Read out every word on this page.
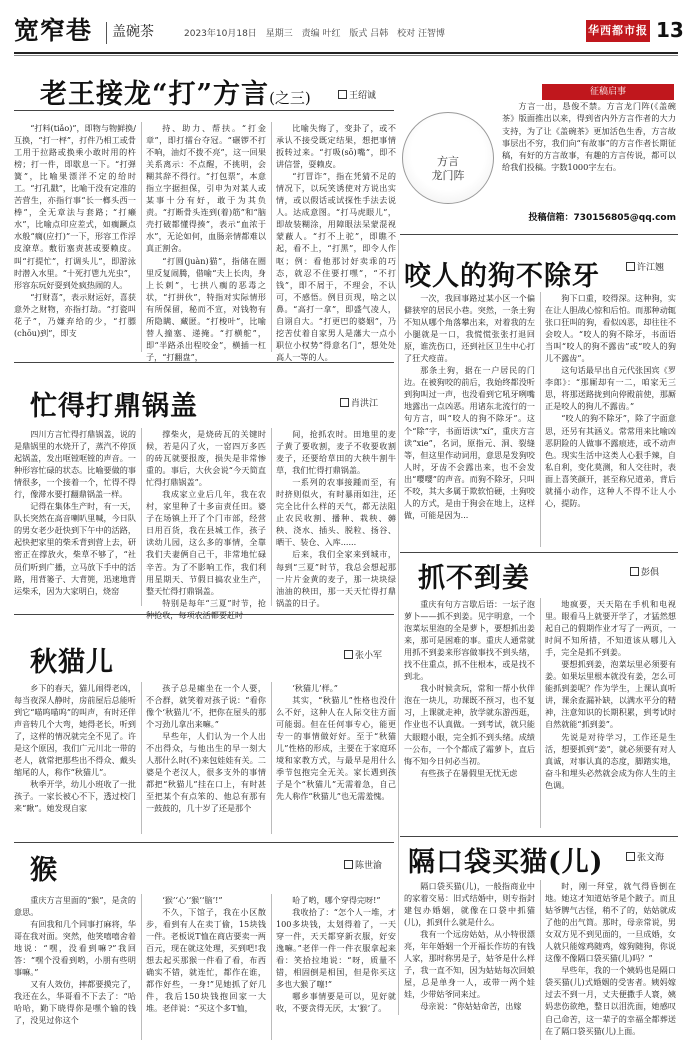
宽窄巷 盖碗茶	2023年10月18日 星期三 责编 叶红 版式 吕韩 校对 汪智博	华西都市报 13
老王接龙“打”方言(之三)	王绍诚

“打料(tiǎo)”，即物与物鲜换/互换，“打一枰”，打件乃相工或骨工用于拉路或换乘小敢时用的杵榜；打一件，即歇息一下。“打弹簧”，比喻果漂洋不定的给时工。“打孔戳”，比喻干没有定准的苦营生，亦指行事“长一榔头西一棒”，全无章法与套路；“打癞水”，比喻点印应差式，如瘸蹶点水般“瘸(应打)”一下，形容工作浮皮潦草。敷衍塞责甚或要赖皮。叫“打提忙”，打调头儿”，即游泳时潜入水里。“十死打鬯九光虫”，形容东玩好耍到处疯热闹的人。

“打财喜”，表示财运好，喜获意外之财物，亦指打劫。“打瓷叫花子”，乃嫌弃给的少，“打膘(chōu)到”，即支

持、助力、帮扶。“打金章”，即打擂台夺冠。“碾锣不打不响，油灯不拨不亮”，这一回果关系离示：不点醒，不挑明，会糊其辞不得行。“打包票”，本意指立字据担保，引申为对某人或某事十分有好，敢于为其负责。“打断骨头连到(着)筋”和“脑壳打破都懂得揍”，表示“血浓于水”，无论如何，血肠亲情都难以真正割舍。

“打圆(juàn)猫”，指储在圈里反复闹腾，借喻“夫上长肉，身上长刺”，七拱八瘸的恶毒之状，“打拼伙”，特指对实际情形有所保留，秘而不宣，对钱物有所隐瞒、藏匿。“打梭叶”，比喻替人撞塞、递掩。“打横舵”，即“半路杀出程咬金”，横插一杠子，“打翻盘”，

比喻失悔了，变卦了，或不承认不接受既定结果，想把事情扳转过来。“打吸(sō)嘴”，即不讲信誉，耍赖皮。

“打冒诈”，指在凭猜不足的情况下，以玩笑诱使对方说出实情，或以假话或试探性手法去说人。达成意图。“打马虎眼儿”，即故装糊涂，用障眼法呆蒙混视蒙蔽人。“打不上驼”，即瞧不起，看不上，“打黑”，即令人作呕；例：看他那讨好卖乖的巧态，就忍不住要打嘿”，“不打钱”，即不屑于，不理会，不认可，不感悟。例目页现，啥之以鼻。“高打一拿”，即盛气凌人，自诩自大。“打更巴的婆姻”，乃挖苦仗着自家男人是藩大一点小职位小权势“得意名门”，想处处高人一等的人。

征稿启事
方言
龙门阵

方言一出，恳俊不禁。方言龙门阵(《盖碗茶》版面推出以来，得到省内外方言作者的大力支持，为了让《盖碗茶》更加活色生香，方言故事层出不穷，我们向“有故事”的方言作者长期征稿，有好的方言故事，有趣的方言传说，都可以给我们投稿。字数1000字左右。

投稿信箱：730156805@qq.com
咬人的狗不除牙	许江翘

一次，我回事路过某小区一个偏僻狭窄的居民小巷。突然，一条土狗不知从哪个角落攀出来，对着我的左小腿就是一口，我慌慌张张打退回原，谁洗伤口，还到社区卫生中心打了狂犬疫苗。

那条土狗，据在一户居民的门边。在被狗咬的前后，我始终都没听到狗叫过一声，也没看到它吼牙咧嘴地露出一点凶恶。用诸东北流行的一句方言，叫“咬人的狗不除牙”。这个“除”字，书面语读“xí”，重庆方言读“xie”，名词，原指元、洞、裂缝等，但这里作动词用，意思是发狗咬人时，牙齿不会露出来，也不会发出“嘤嘤”的声音。而狗不除牙，只叫不咬，其大多属于欺软怕硬，土狗咬人的方式，是由于狗会在地上，这样做，可能是因为...

狗下口重，咬得深。这种狗，实在让人胆战心惊和后怕。而那种动辄张口狂叫的狗，看似凶恶，却往往不会咬人。“咬人的狗不除牙，书面语当叫“咬人的狗不露齿”或“咬人的狗儿不露齿”。

这句话最早出自元代张国宾《罗李郎》：“那厮却有一二，咱家无三思，将那送路拢到向停殿前使，那厮正是咬人的狗儿不露齿。”

“咬人的狗不除牙”，除了字面意思，还另有其涵义。常常用来比喻凶恶阴险的人做事不露痕迹，或不动声色。现实生活中这类人心狠手辣，自私自利，变化莫测，和人交往时，表面上喜笑颜开，甚至称兄道弟，背后就捅小动作，这种人不得不让人小心，提防。

忙得打鼎锅盖	肖洪江

四川方言忙得打鼎锅盖，说的是鼎锅里的水烧开了，蒸汽不停顶起锅盖，发出哐镗哐镗的声音。一种形容忙碌的状态。比喻要做的事情很多，一个接着一个，忙得不得行，像滞水要打翻鼎锅盖一样。

记得在集体生产时，有一天，队长突然在高音喇叭里喊，今日队的男女老少赶快到下午中的活路，起快把家里的柴禾背到营上去，研密正在撑放火，柴草不够了，“社员们听到广播，立马放下手中的活路，用背篓子、大背篼，迅速地背运柴禾，因为大家明白，烧窑

撑柴火，是烧砖瓦的关键时候，若是闪了火，一窑四万多匹的砖瓦就要报废，损失是非常惨重的。事后，大伙会说“今天简直忙得打鼎锅盖”。

我成家立业后几年，我在农村，家里种了十多亩责任田。婆子在场镇上开了个门市部，经营日用百货，我在县城工作，孩子读幼儿园，这么多的事情，全靠我们夫妻俩自己干，非常地忙碌辛苦。为了不影响工作，我们利用星期天、节假日搞农业生产，整天忙得打鼎锅盖。

特别是每年“三夏”时节，抢

间，抢抓农时。田地里的麦子黄了要收割，麦子不收要收割麦子，还要给草田的大秧牛割牛草，我们忙得打鼎锅盖。

一系列的农事接踵而至，有时挤则似火，有时暴雨如注，还完全比什么样的天气，都无法阻止农民收割、播种、栽秧、薅秧、浇水、插头、脱粒、扬谷、晒干、装仓、入库......

后来，我们全家来到城市，每到“三夏”时节，我总会想起那一片片金黄的麦子，那一块块绿油油的秧田，那一天天忙得打鼎锅盖的日子。

抓不到姜	彭俱

重庆有句方言歇后语：一坛子泡萝卜——抓不到姜。见字明意，一个泡菜坛里泡的全是萝卜，要想抓出姜来，那可是困难的事。重庆人通常就用抓不到姜来形容做事找不到头绪，找不住重点，抓不住根本，或是找不到北。

我小时候贪玩，常和一帮小伙伴泡在一块儿，功课既不预习，也不复习，上课就走神，放学就东游西逛，作业也不认真做。一到考试，就只能大眼瞪小眼，完全抓不到头绪。成绩一公布，一个个都成了霜萝卜，直后悔不知今日何必当初。

有些孩子在暑假里无忧无虑

地疯要，天天陷在手机和电视里。眼看马上就要开学了，才猛然想起自己的假期作业才写了一两页，一时间不知所措，不知道该从哪儿入手，完全是抓不到姜。

要想抓到姜，泡菜坛里必须要有姜。如果坛里根本就没有姜，怎么可能抓到姜呢？作为学生，上课认真听讲，课余查漏补缺，以满水平分的精神，注意知识的长期积累，到考试时自然就能“抓到姜”。

先说是对待学习，工作还是生活，想要抓到“姜”，就必须要有对人真诚，对事认真的态度，脚踏实地，奋斗和埋头必然就会成为你人生的主色调。

秋猫儿	张小军

乡下的春天，猫儿闹得老凶，每当夜深人静时，房前屋后总能听到它“喵呜喵呜”的叫声，有时还伴声音转几个大弯，她得老长，听到了，这样的情况就完全不见了。许是这个原因，我们广元川北一带的老人，就常把那些出不得众、戴头缩尾的人，称作“秋猫儿”。

秋季开学，幼儿小班收了一批孩子。一家长被心不下，透过校门来“瞅”。她发现自家

孩子总是瘫坐在一个人要，不合群，就笑着对孩子说：“看你像个‘秋猫儿’不，把你在屋头的那个习劲儿拿出来嘛。”

早些年，人们认为一个人出不出得众，与他出生的早一刻大人那什么时(不)来包娃娃有关。二婆是个老汉人，很多支外的事情都把“秋猫儿”挂在口上，有时甚至把某个有点笨的、他总有那有一鼓鼓的，几十岁了还是那个

‘秋猫儿’样。”

其实，“秋猫儿”性格也没什么不好，这种人在人际交往方面可能弱。但在任何事专心，能更专一的事情做好好。至于“秋猫儿”性格的形成，主要在于家庭环境和家教方式，与最早是用什么季节包抱完全无关。家长遇到孩子是个“秋猫儿”无需着急，自己先人称作“秋猫儿”也无需羞愧。

隔口袋买猫(儿)	张文海

隔口袋买猫(儿)，一般指商业中的家着交易：旧式结婚中，则专指封建包办婚姻，就像在口袋中抓猫(儿)，抓到什么就是什么。

我有一个远房姑姑，从小特很漂亮，年年婚姻一个开福长作坊的有钱人家，那时称男是子，姑爷是什么样子，我一直不知，因为姑姑每次回娘屋，总是单身一人，或带一两个娃娃，少带姑爷同来过。

母亲说：“你姑姑命苦，出嫁

时，刚一拜堂，就气得昏倒在地。她这才知道姑爷是个跛子。而且姑爷脾气古怪，稍不了的，姑姑就成了他的出气筒。那时，母亲常说，男女双方见不到见面的，一旦成婚，女人就只能嫁鸡随鸡，嫁狗随狗，你说这像不像隔口袋买猫(儿)吗？”

早些年，我的一个姨妈也是隔口袋买猫(儿)式婚姻的受害者。姨妈嫁过去不到一月，丈夫便撒手人寰，姨妈悲伤欲绝，整日以泪洗面，她感叹自己命苦，这一辈子的幸福全都葬送在了隔口袋买猫(儿)上面。

猴	陈世渝

重庆方言里面的“猴”，是贪的意思。

有回我和几个同事打麻将，华哥在我对面。突然，他笑嘻嘻舍着地说：“嘿，没看到嘛?”我回答：“嘿个没看到哟，小朋有些明事嘛。”

又有人效仿，摔都要摸完了，我还在么，华哥看不下去了：“哈哈哈，勤下晓得你是嘿个输的钱了，没见过你这个

‘猴’‘心’‘猴’‘脑’!”

不久，下馆子，我在小区散步，看到有人在卖丁偷，15块钱一件。老板说T恤在商店要卖一两百元，现在就这处理，买到吧!我想去起买那猴一件看了看，布西确实不错，就连忙，都作在谁，都作好些，一身!”见她抓了好几件，我后150块钱抱回家一大堆。老伴说：“买这个多T恤，

哈了哟，哪个穿得完呀!”

我收拾了：“怎个人一堆，才100多块钱，太划得着了，一天穿一件，天天都穿新衣服，好安逸嘛。”老伴一件一件衣服拿起来看：笑拾拉地说：“呀，质量不错，相固倒是相国，但是你买这多也大猴了噻!”

哪乡事情要是可以，见好就收，不要贪得无厌，太‘猴’了。
